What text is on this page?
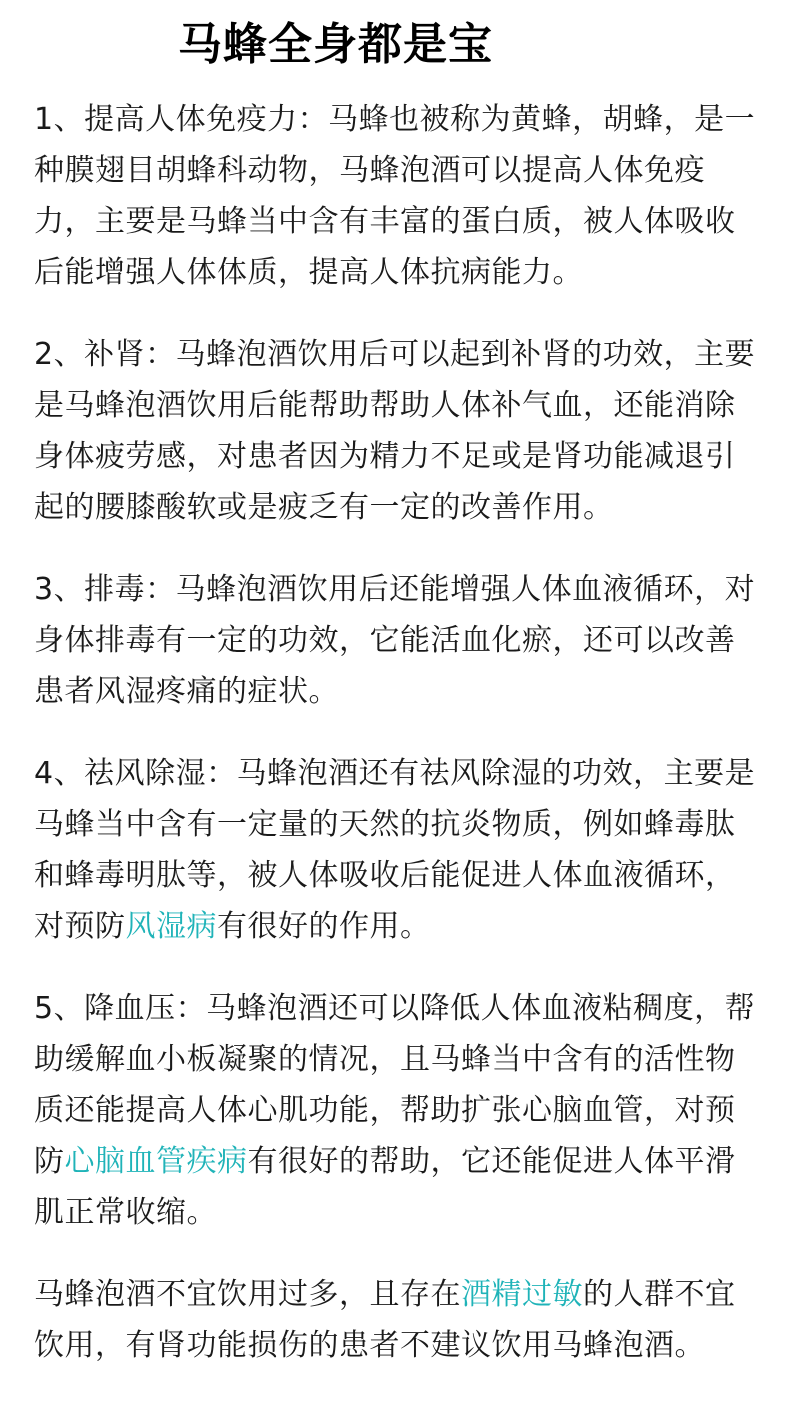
马蜂全身都是宝

1、提高人体免疫力：马蜂也被称为黄蜂，胡蜂，是一种膜翅目胡蜂科动物，马蜂泡酒可以提高人体免疫力，主要是马蜂当中含有丰富的蛋白质，被人体吸收后能增强人体体质，提高人体抗病能力。

2、补肾：马蜂泡酒饮用后可以起到补肾的功效，主要是马蜂泡酒饮用后能帮助帮助人体补气血，还能消除身体疲劳感，对患者因为精力不足或是肾功能减退引起的腰膝酸软或是疲乏有一定的改善作用。

3、排毒：马蜂泡酒饮用后还能增强人体血液循环，对身体排毒有一定的功效，它能活血化瘀，还可以改善患者风湿疼痛的症状。

4、祛风除湿：马蜂泡酒还有祛风除湿的功效，主要是马蜂当中含有一定量的天然的抗炎物质，例如蜂毒肽和蜂毒明肽等，被人体吸收后能促进人体血液循环，对预防风湿病有很好的作用。

5、降血压：马蜂泡酒还可以降低人体血液粘稠度，帮助缓解血小板凝聚的情况，且马蜂当中含有的活性物质还能提高人体心肌功能，帮助扩张心脑血管，对预防心脑血管疾病有很好的帮助，它还能促进人体平滑肌正常收缩。

马蜂泡酒不宜饮用过多，且存在酒精过敏的人群不宜饮用，有肾功能损伤的患者不建议饮用马蜂泡酒。
